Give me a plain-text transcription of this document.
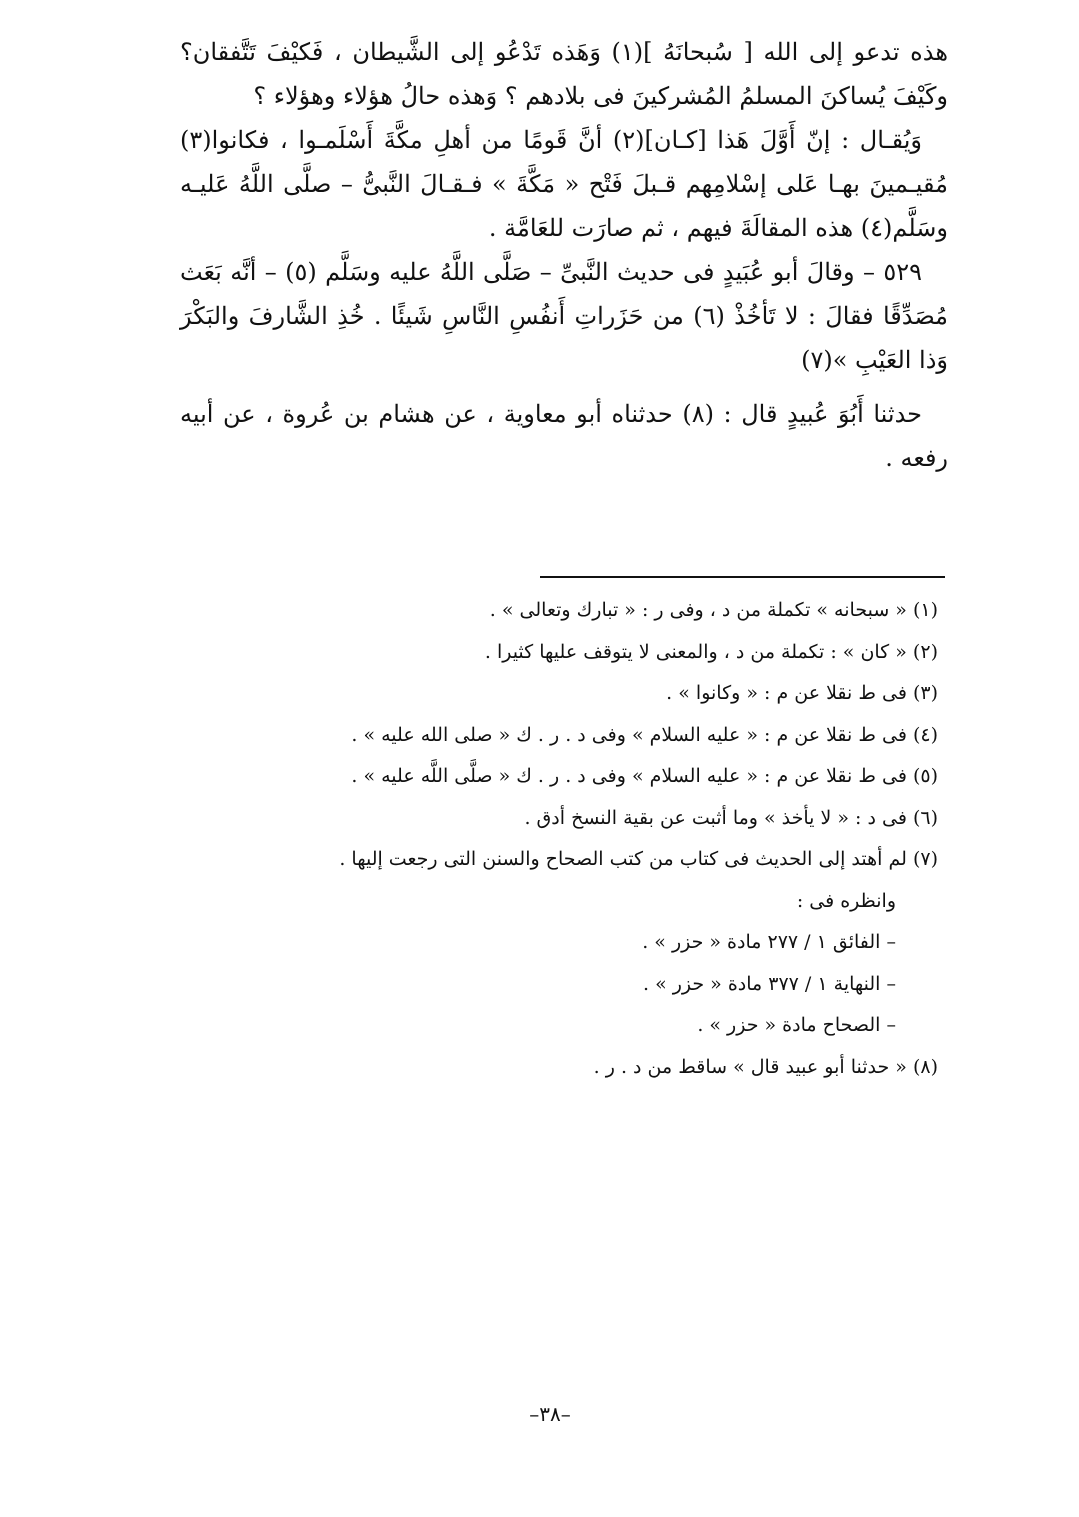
هذه تدعو إلى الله [ سُبحانَهُ ](١) وَهَذه تَدْعُو إلى الشَّيطان ، فَكيْفَ تَتَّفقان؟ وكَيْفَ يُساكنَ المسلمُ المُشركينَ فى بلادهم ؟ وَهذه حالُ هؤلاء وهؤلاء ؟

وَيُقـال : إنّ أَوَّلَ هَذا [كـان](٢) أنَّ قَومًا من أهلِ مكَّةَ أَسْلَمـوا ، فكانوا(٣) مُقيـمينَ بهـا عَلى إسْلامِهم قـبلَ فَتْح « مَكَّةَ » فـقـالَ النَّبىُّ – صلَّى اللَّهُ عَليـه وسَلَّم(٤) هذه المقالَةَ فيهم ، ثم صارَت للعَامَّة .

٥٢٩ – وقالَ أبو عُبَيدٍ فى حديث النَّبىِّ – صَلَّى اللَّهُ عليه وسَلَّم (٥) – أنَّه بَعَث مُصَدِّقًا فقالَ : لا تَأخُذْ (٦) من حَزَراتِ أَنفُسِ النَّاسِ شَيئًا . خُذِ الشَّارفَ والبَكْرَ وَذا العَيْبِ »(٧)

حدثنا أَبُوَ عُبيدٍ قال : (٨) حدثناه أبو معاوية ، عن هشام بن عُروة ، عن أبيه رفعه .

(١) « سبحانه » تكملة من د ، وفى ر : « تبارك وتعالى » .

(٢) « كان » : تكملة من د ، والمعنى لا يتوقف عليها كثيرا .

(٣) فى ط نقلا عن م : « وكانوا » .

(٤) فى ط نقلا عن م : « عليه السلام » وفى د . ر . ك « صلى الله عليه » .

(٥) فى ط نقلا عن م : « عليه السلام » وفى د . ر . ك « صلَّى اللَّه عليه » .

(٦) فى د : « لا يأخذ » وما أثبت عن بقية النسخ أدق .

(٧) لم أهتد إلى الحديث فى كتاب من كتب الصحاح والسنن التى رجعت إليها .

وانظره فى :

– الفائق ١ / ٢٧٧ مادة « حزر » .

– النهاية ١ / ٣٧٧ مادة « حزر » .

– الصحاح مادة « حزر » .

(٨) « حدثنا أبو عبيد قال » ساقط من د . ر .

–٣٨–
